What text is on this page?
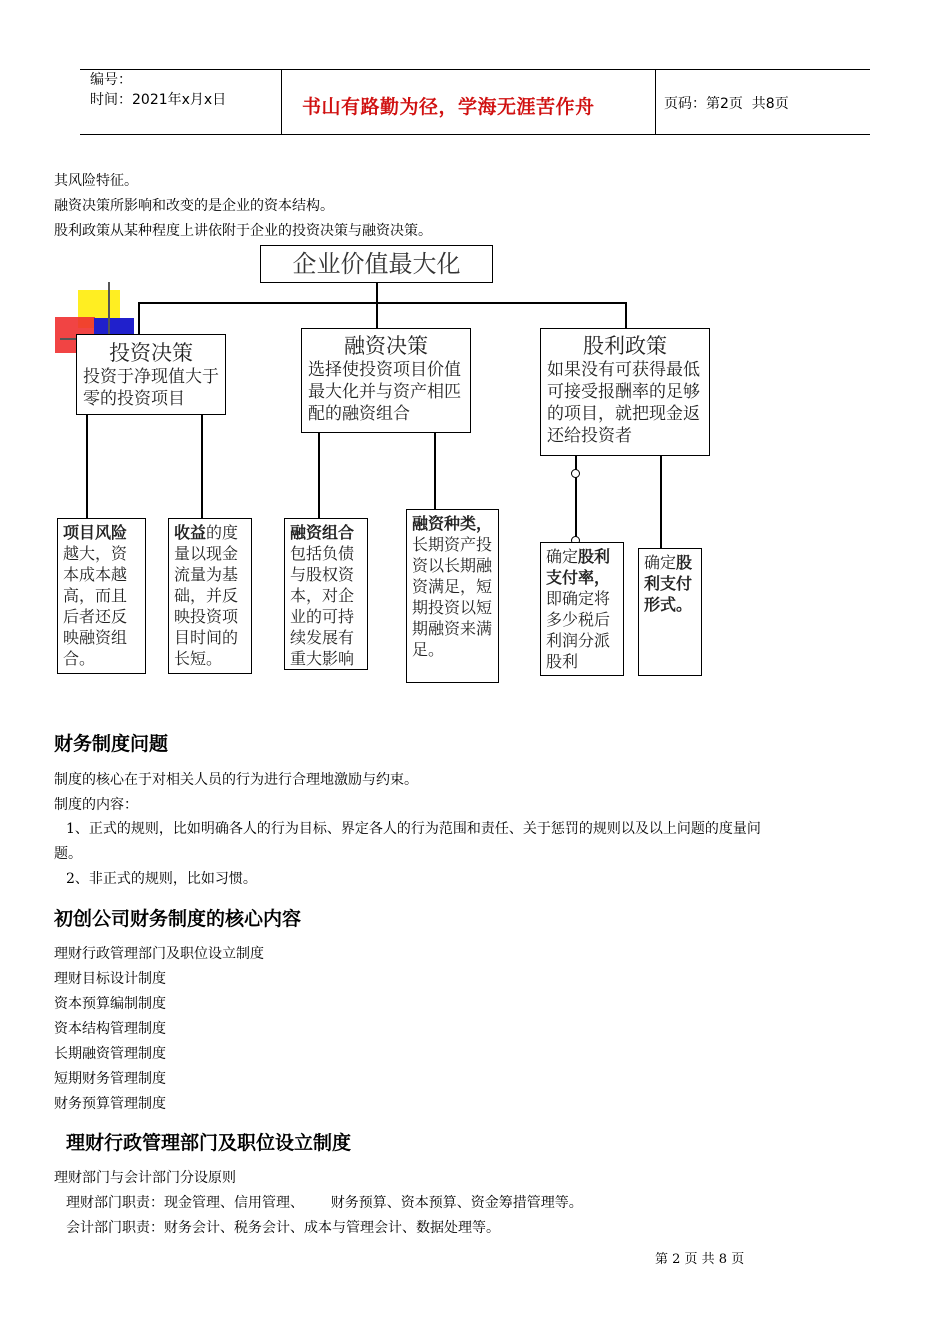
编号：
时间：2021年x月x日	书山有路勤为径，学海无涯苦作舟	页码：第2页  共8页
其风险特征。
融资决策所影响和改变的是企业的资本结构。
股利政策从某种程度上讲依附于企业的投资决策与融资决策。
企业价值最大化
投资决策
投资于净现值大于零的投资项目
融资决策
选择使投资项目价值最大化并与资产相匹配的融资组合
股利政策
如果没有可获得最低可接受报酬率的足够的项目，就把现金返还给投资者
项目风险越大，资本成本越高，而且后者还反映融资组合。
收益的度量以现金流量为基础，并反映投资项目时间的长短。
融资组合包括负债与股权资本，对企业的可持续发展有重大影响
融资种类，长期资产投资以长期融资满足，短期投资以短期融资来满足。
确定股利支付率，即确定将多少税后利润分派股利
确定股利支付形式。
财务制度问题
制度的核心在于对相关人员的行为进行合理地激励与约束。
制度的内容：
1、正式的规则，比如明确各人的行为目标、界定各人的行为范围和责任、关于惩罚的规则以及以上问题的度量问
题。
2、非正式的规则，比如习惯。
初创公司财务制度的核心内容
理财行政管理部门及职位设立制度
理财目标设计制度
资本预算编制制度
资本结构管理制度
长期融资管理制度
短期财务管理制度
财务预算管理制度
理财行政管理部门及职位设立制度
理财部门与会计部门分设原则
理财部门职责：现金管理、信用管理、      财务预算、资本预算、资金筹措管理等。
会计部门职责：财务会计、税务会计、成本与管理会计、数据处理等。
第 2 页 共 8 页
